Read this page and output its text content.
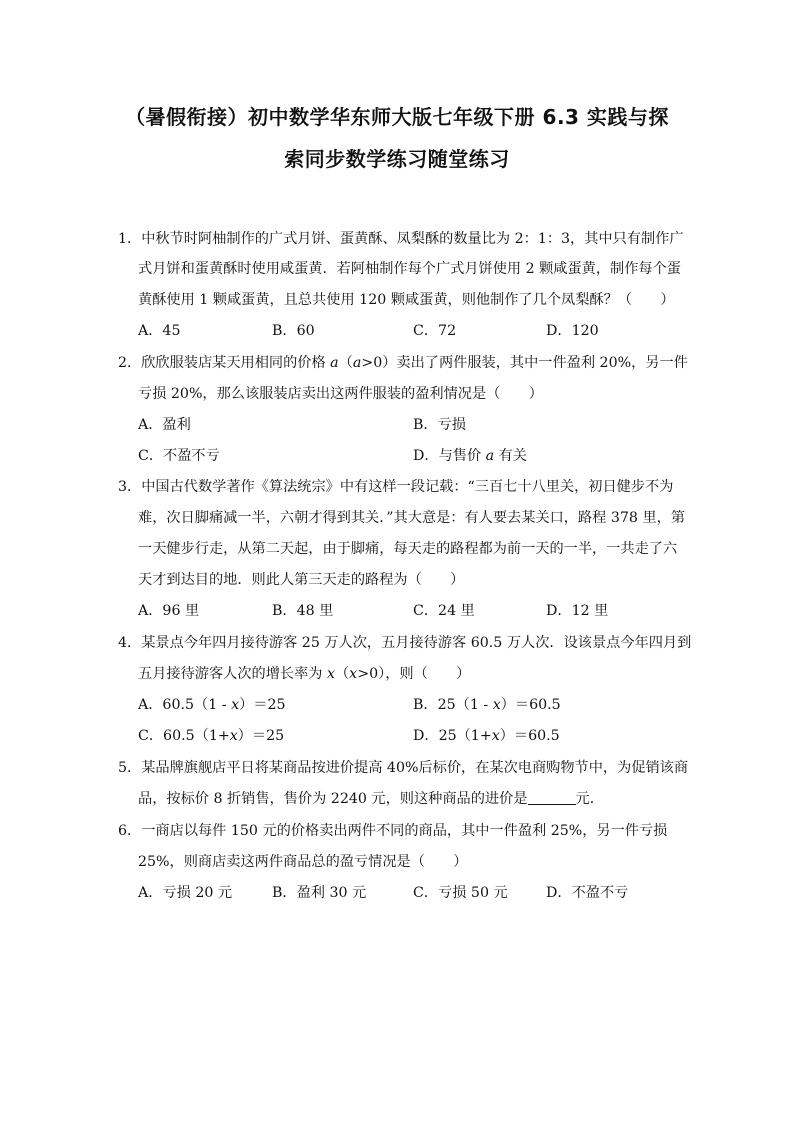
（暑假衔接）初中数学华东师大版七年级下册 6.3 实践与探
索同步数学练习随堂练习
1．中秋节时阿柚制作的广式月饼、蛋黄酥、凤梨酥的数量比为 2：1：3，其中只有制作广
式月饼和蛋黄酥时使用咸蛋黄．若阿柚制作每个广式月饼使用 2 颗咸蛋黄，制作每个蛋
黄酥使用 1 颗咸蛋黄，且总共使用 120 颗咸蛋黄，则他制作了几个凤梨酥？（　　）
A．45	B．60	C．72	D．120
2．欣欣服装店某天用相同的价格 a（a>0）卖出了两件服装，其中一件盈利 20%，另一件
亏损 20%，那么该服装店卖出这两件服装的盈利情况是（　　）
A．盈利	B．亏损
C．不盈不亏	D．与售价 a 有关
3．中国古代数学著作《算法统宗》中有这样一段记载：“三百七十八里关，初日健步不为
难，次日脚痛减一半，六朝才得到其关．”其大意是：有人要去某关口，路程 378 里，第
一天健步行走，从第二天起，由于脚痛，每天走的路程都为前一天的一半，一共走了六
天才到达目的地．则此人第三天走的路程为（　　）
A．96 里	B．48 里	C．24 里	D．12 里
4．某景点今年四月接待游客 25 万人次，五月接待游客 60.5 万人次．设该景点今年四月到
五月接待游客人次的增长率为 x（x>0），则（　　）
A．60.5（1 - x）＝25	B．25（1 - x）＝60.5
C．60.5（1+x）＝25	D．25（1+x）＝60.5
5．某品牌旗舰店平日将某商品按进价提高 40%后标价，在某次电商购物节中，为促销该商
品，按标价 8 折销售，售价为 2240 元，则这种商品的进价是	元．
6．一商店以每件 150 元的价格卖出两件不同的商品，其中一件盈利 25%，另一件亏损
25%，则商店卖这两件商品总的盈亏情况是（　　）
A．亏损 20 元	B．盈利 30 元	C．亏损 50 元	D．不盈不亏
